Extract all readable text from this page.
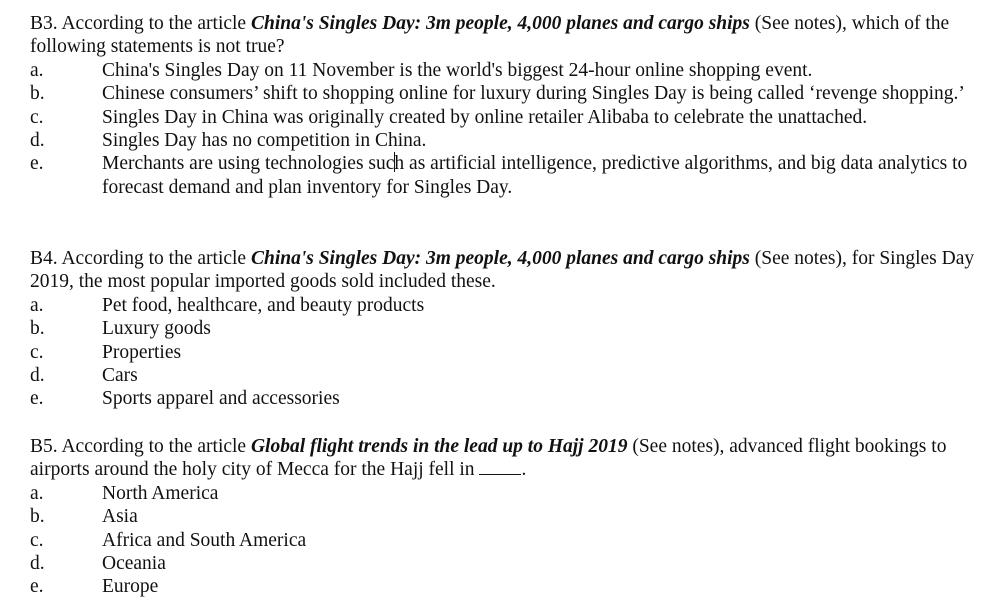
B3. According to the article China's Singles Day: 3m people, 4,000 planes and cargo ships (See notes), which of the following statements is not true?

a.	China's Singles Day on 11 November is the world's biggest 24-hour online shopping event.
b.	Chinese consumers’ shift to shopping online for luxury during Singles Day is being called ‘revenge shopping.’
c.	Singles Day in China was originally created by online retailer Alibaba to celebrate the unattached.
d.	Singles Day has no competition in China.
e.	Merchants are using technologies such as artificial intelligence, predictive algorithms, and big data analytics to forecast demand and plan inventory for Singles Day.

B4. According to the article China's Singles Day: 3m people, 4,000 planes and cargo ships (See notes), for Singles Day 2019, the most popular imported goods sold included these.

a.	Pet food, healthcare, and beauty products
b.	Luxury goods
c.	Properties
d.	Cars
e.	Sports apparel and accessories

B5. According to the article Global flight trends in the lead up to Hajj 2019 (See notes), advanced flight bookings to airports around the holy city of Mecca for the Hajj fell in .

a.	North America
b.	Asia
c.	Africa and South America
d.	Oceania
e.	Europe
